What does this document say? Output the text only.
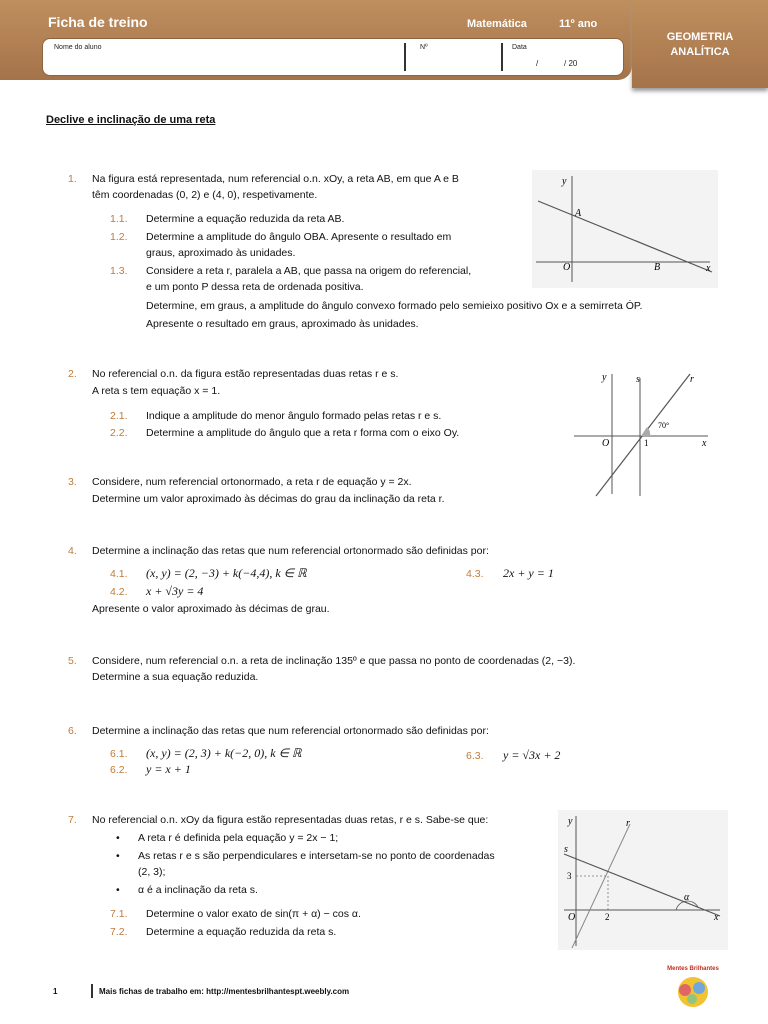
Ficha de treino	Matemática	11º ano
GEOMETRIA
ANALÍTICA
Nome do aluno	Nº	Data
/	/ 20
Declive e inclinação de uma reta
1. Na figura está representada, num referencial o.n. xOy, a reta AB, em que A e B
têm coordenadas (0, 2) e (4, 0), respetivamente.
1.1. Determine a equação reduzida da reta AB.
1.2. Determine a amplitude do ângulo OBA. Apresente o resultado em
graus, aproximado às unidades.
1.3. Considere a reta r, paralela a AB, que passa na origem do referencial,
e um ponto P dessa reta de ordenada positiva.
Determine, em graus, a amplitude do ângulo convexo formado pelo semieixo positivo Ox e a semirreta ȮP.
Apresente o resultado em graus, aproximado às unidades.
y
x
A
B
O
2. No referencial o.n. da figura estão representadas duas retas r e s.
A reta s tem equação x = 1.
2.1. Indique a amplitude do menor ângulo formado pelas retas r e s.
2.2. Determine a amplitude do ângulo que a reta r forma com o eixo Oy.
y	s	r
70°
O	1	x
3. Considere, num referencial ortonormado, a reta r de equação y = 2x.
Determine um valor aproximado às décimas do grau da inclinação da reta r.
4. Determine a inclinação das retas que num referencial ortonormado são definidas por:
4.1. (x, y) = (2, −3) + k(−4,4), k ∈ ℝ	4.3. 2x + y = 1
4.2. x + √3y = 4
Apresente o valor aproximado às décimas de grau.
5. Considere, num referencial o.n. a reta de inclinação 135º e que passa no ponto de coordenadas (2, −3).
Determine a sua equação reduzida.
6. Determine a inclinação das retas que num referencial ortonormado são definidas por:
6.1. (x, y) = (2, 3) + k(−2, 0), k ∈ ℝ	6.3. y = √3x + 2
6.2. y = x + 1
7. No referencial o.n. xOy da figura estão representadas duas retas, r e s. Sabe-se que:
• A reta r é definida pela equação y = 2x − 1;
• As retas r e s são perpendiculares e intersetam-se no ponto de coordenadas
(2, 3);
• α é a inclinação da reta s.
7.1. Determine o valor exato de sin(π + α) − cos α.
7.2. Determine a equação reduzida da reta s.
y	r
s
3
α
O	2	x
1	Mais fichas de trabalho em: http://mentesbrilhantespt.weebly.com
Mentes Brilhantes
